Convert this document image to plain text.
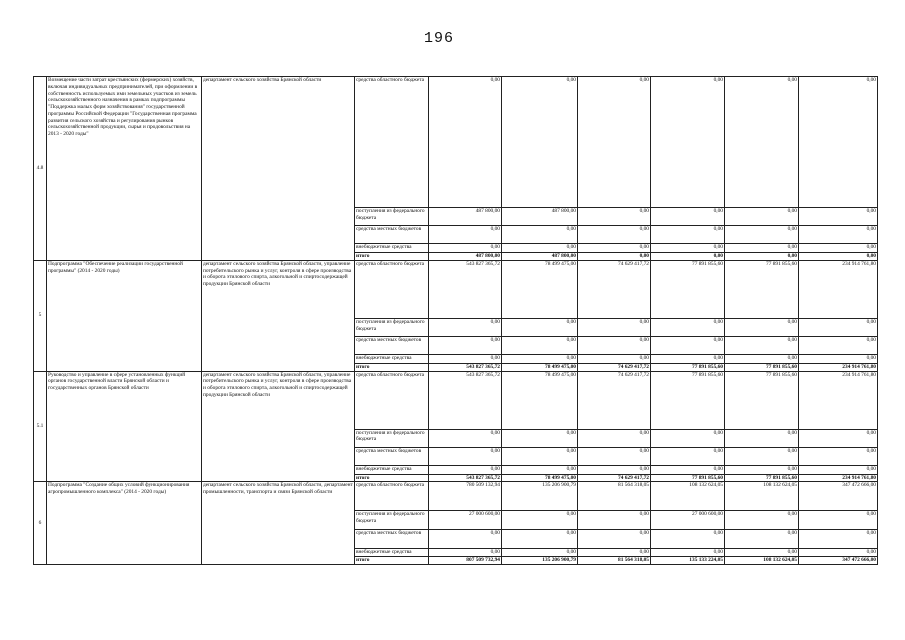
196
4.8	Возмещение части затрат крестьянских (фермерских) хозяйств, включая индивидуальных предпринимателей, при оформлении в собственность используемых ими земельных участков из земель сельскохозяйственного назначения в рамках подпрограммы "Поддержка малых форм хозяйствования" государственной программы Российской Федерации "Государственная программа развития сельского хозяйства и регулирования рынков сельскохозяйственной продукции, сырья и продовольствия на 2013 - 2020 годы"	департамент сельского хозяйства Брянской области	средства областного бюджета	0,00	0,00	0,00	0,00	0,00	0,00
			поступления из федерального бюджета	487 800,00	487 800,00	0,00	0,00	0,00	0,00
			средства местных бюджетов	0,00	0,00	0,00	0,00	0,00	0,00
			внебюджетные средства	0,00	0,00	0,00	0,00	0,00	0,00
			итого	487 800,00	487 800,00	0,00	0,00	0,00	0,00
5	Подпрограмма "Обеспечение реализации государственной программы" (2014 - 2020 годы)	департамент сельского хозяйства Брянской области, управление потребительского рынка и услуг, контроля в сфере производства и оборота этилового спирта, алкогольной и спиртосодержащей продукции Брянской области	средства областного бюджета	543 827 365,72	78 499 475,00	74 629 417,72	77 891 855,60	77 891 855,60	234 914 761,80
			поступления из федерального бюджета	0,00	0,00	0,00	0,00	0,00	0,00
			средства местных бюджетов	0,00	0,00	0,00	0,00	0,00	0,00
			внебюджетные средства	0,00	0,00	0,00	0,00	0,00	0,00
			итого	543 827 365,72	78 499 475,00	74 629 417,72	77 891 855,60	77 891 855,60	234 914 761,80
5.1	Руководство и управление в сфере установленных функций органов государственной власти Брянской области и государственных органов Брянской области	департамент сельского хозяйства Брянской области, управление потребительского рынка и услуг, контроля в сфере производства и оборота этилового спирта, алкогольной и спиртосодержащей продукции Брянской области	средства областного бюджета	543 827 365,72	78 499 475,00	74 629 417,72	77 891 855,60	77 891 855,60	234 914 761,80
			поступления из федерального бюджета	0,00	0,00	0,00	0,00	0,00	0,00
			средства местных бюджетов	0,00	0,00	0,00	0,00	0,00	0,00
			внебюджетные средства	0,00	0,00	0,00	0,00	0,00	0,00
			итого	543 827 365,72	78 499 475,00	74 629 417,72	77 891 855,60	77 891 855,60	234 914 761,80
6	Подпрограмма "Создание общих условий функционирования агропромышленного комплекса" (2014 - 2020 годы)	департамент сельского хозяйства Брянской области, департамент промышленности, транспорта и связи Брянской области	средства областного бюджета	780 509 132,94	135 206 900,79	81 564 318,05	108 132 624,05	108 132 624,05	347 472 666,00
			поступления из федерального бюджета	27 000 600,00	0,00	0,00	27 000 600,00	0,00	0,00
			средства местных бюджетов	0,00	0,00	0,00	0,00	0,00	0,00
			внебюджетные средства	0,00	0,00	0,00	0,00	0,00	0,00
			итого	807 509 732,94	135 206 900,79	81 564 318,05	135 133 224,05	108 132 624,05	347 472 666,00
